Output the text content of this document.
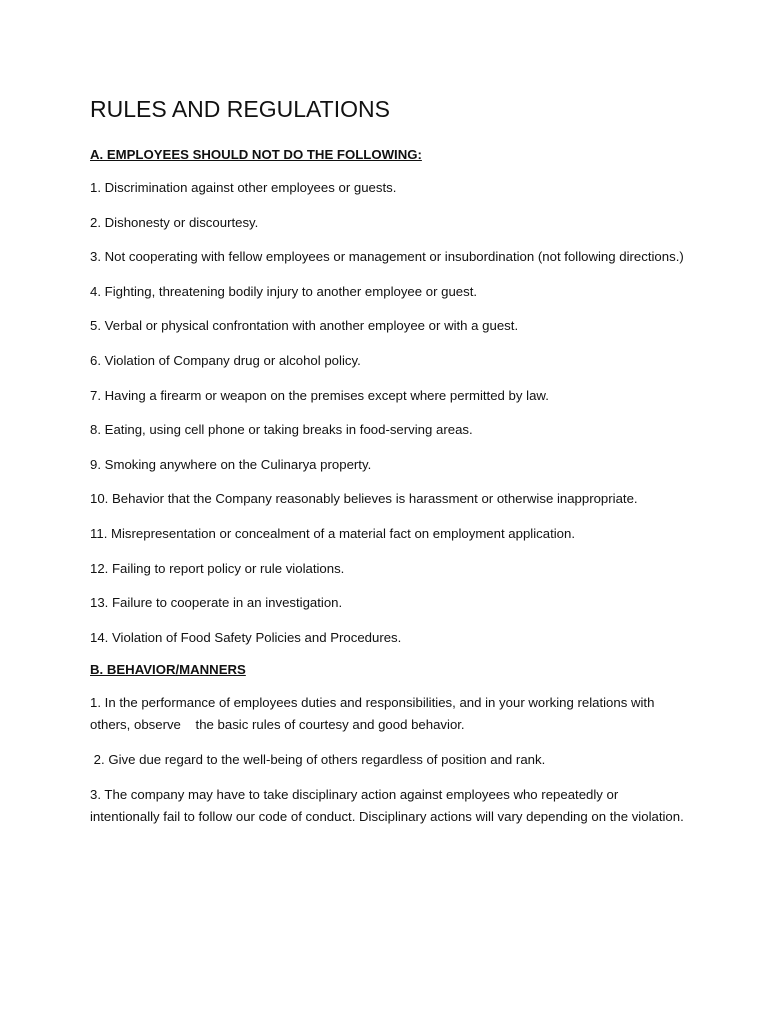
RULES AND REGULATIONS
A. EMPLOYEES SHOULD NOT DO THE FOLLOWING:

1. Discrimination against other employees or guests.

2. Dishonesty or discourtesy.

3. Not cooperating with fellow employees or management or insubordination (not following directions.)

4. Fighting, threatening bodily injury to another employee or guest.

5. Verbal or physical confrontation with another employee or with a guest.

6. Violation of Company drug or alcohol policy.

7. Having a firearm or weapon on the premises except where permitted by law.

8. Eating, using cell phone or taking breaks in food-serving areas.

9. Smoking anywhere on the Culinarya property.

10. Behavior that the Company reasonably believes is harassment or otherwise inappropriate.

11. Misrepresentation or concealment of a material fact on employment application.

12. Failing to report policy or rule violations.

13. Failure to cooperate in an investigation.

14. Violation of Food Safety Policies and Procedures.

B. BEHAVIOR/MANNERS

1. In the performance of employees duties and responsibilities, and in your working relations with others, observe    the basic rules of courtesy and good behavior.

2. Give due regard to the well-being of others regardless of position and rank.

3. The company may have to take disciplinary action against employees who repeatedly or intentionally fail to follow our code of conduct. Disciplinary actions will vary depending on the violation.
